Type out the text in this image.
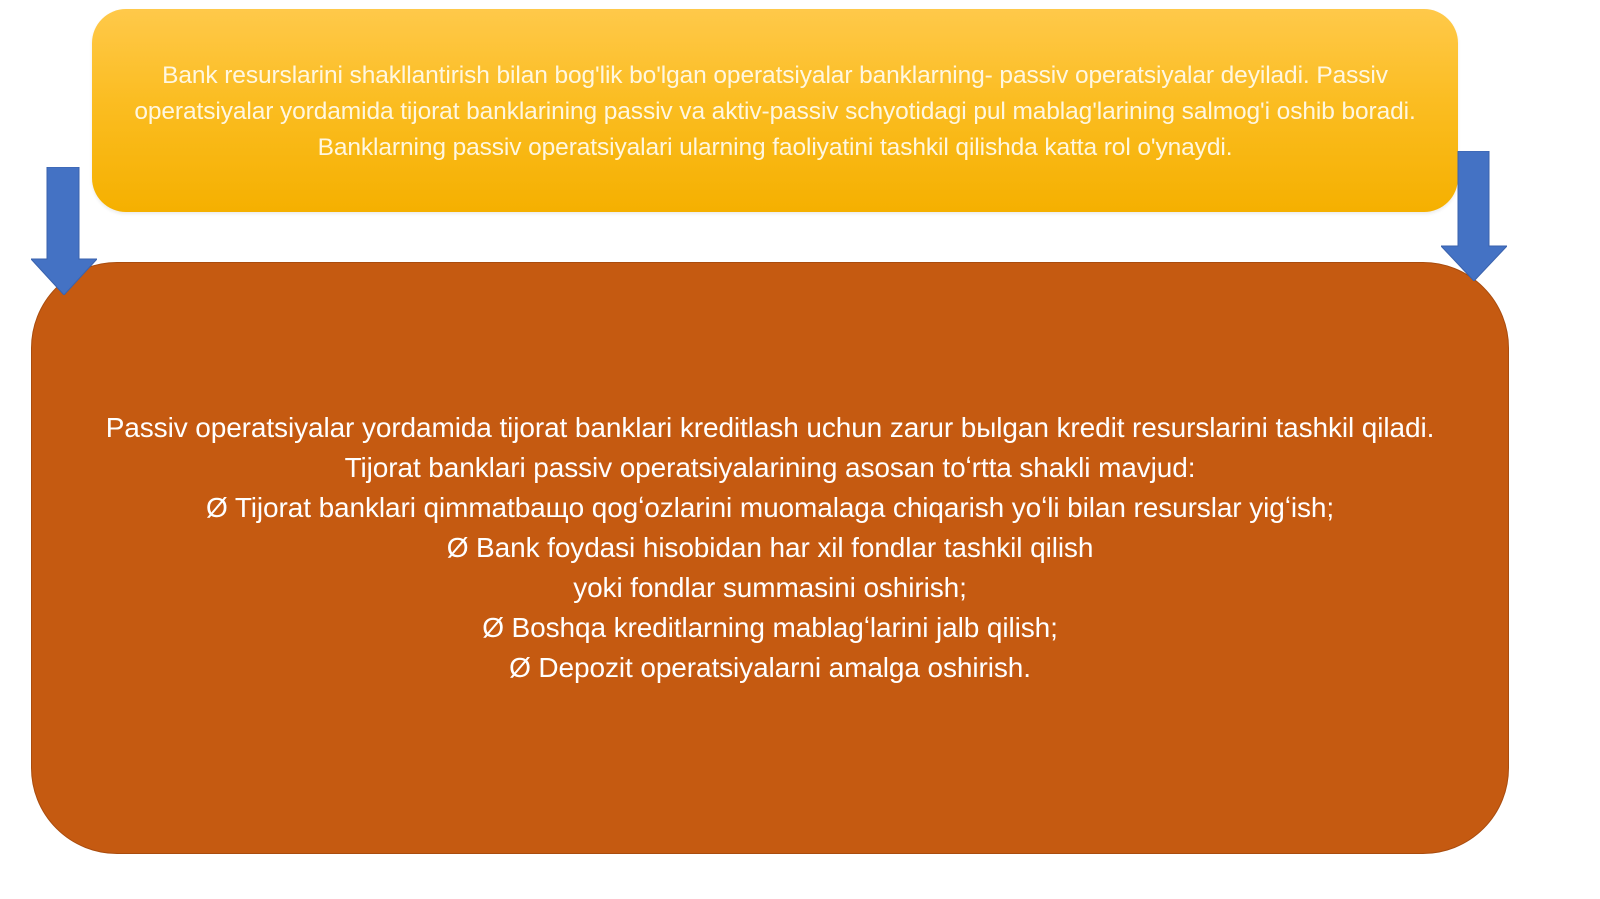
Bank resurslarini shakllantirish bilan bog'lik bo'lgan operatsiyalar banklarning- passiv operatsiyalar deyiladi. Passiv operatsiyalar yordamida tijorat banklarining passiv va aktiv-passiv schyotidagi pul mablag'larining salmog'i oshib boradi. Banklarning passiv operatsiyalari ularning faoliyatini tashkil qilishda katta rol o'ynaydi.
Passiv operatsiyalar yordamida tijorat banklari kreditlash uchun zarur bыlgan kredit resurslarini tashkil qiladi.
Tijorat banklari passiv operatsiyalarining asosan toʻrtta shakli mavjud:
Ø Tijorat banklari qimmatbaщo qogʻozlarini muomalaga chiqarish yoʻli bilan resurslar yigʻish;
Ø Bank foydasi hisobidan har xil fondlar tashkil qilish
yoki fondlar summasini oshirish;
Ø Boshqa kreditlarning mablagʻlarini jalb qilish;
Ø Depozit operatsiyalarni amalga oshirish.
